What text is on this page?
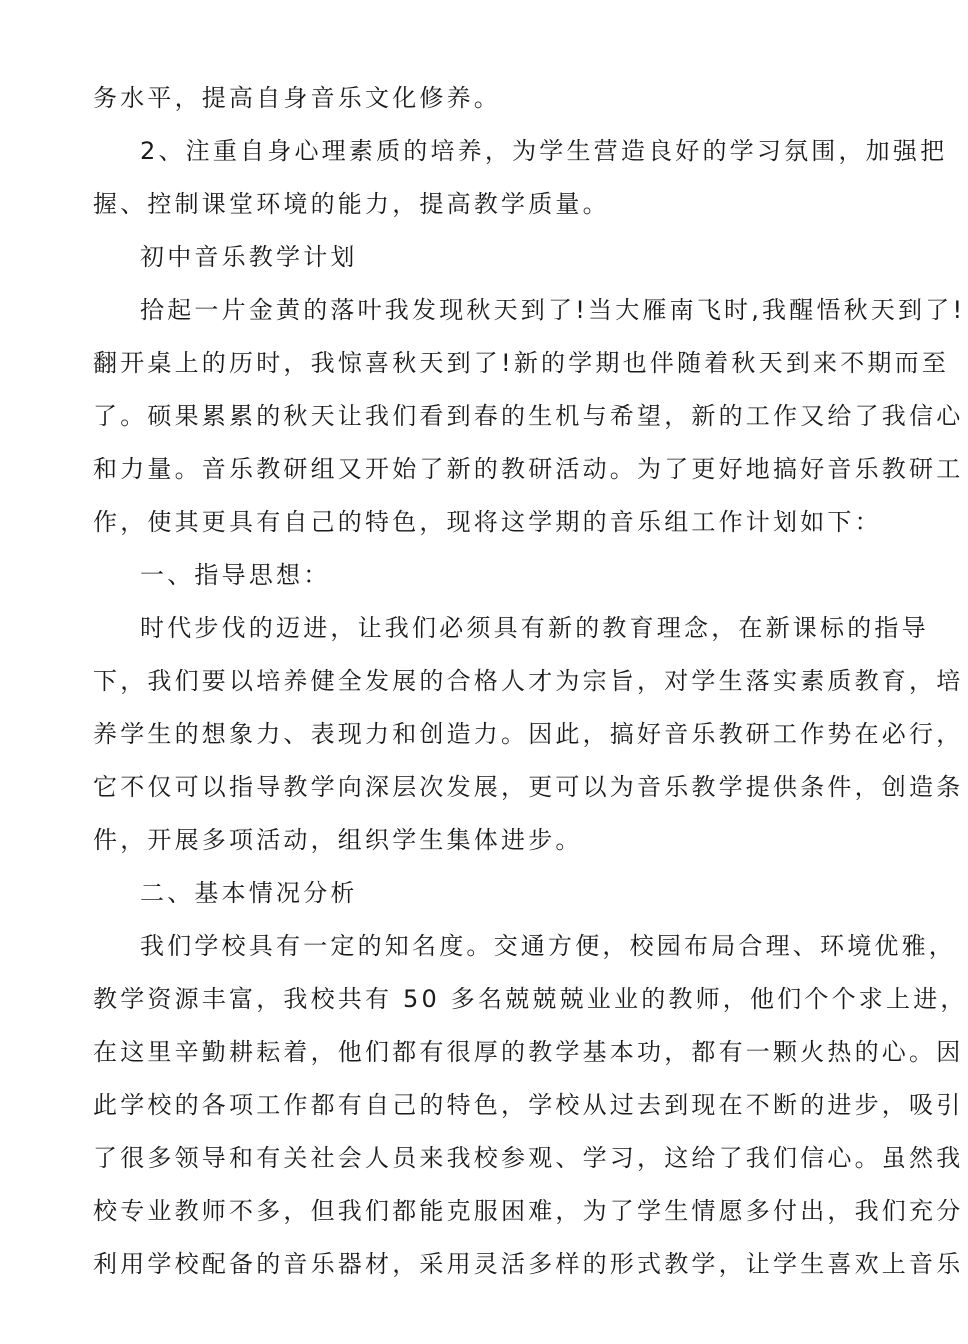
务水平，提高自身音乐文化修养。
2、注重自身心理素质的培养，为学生营造良好的学习氛围，加强把
握、控制课堂环境的能力，提高教学质量。
初中音乐教学计划
拾起一片金黄的落叶我发现秋天到了!当大雁南飞时,我醒悟秋天到了!
翻开桌上的历时，我惊喜秋天到了!新的学期也伴随着秋天到来不期而至
了。硕果累累的秋天让我们看到春的生机与希望，新的工作又给了我信心
和力量。音乐教研组又开始了新的教研活动。为了更好地搞好音乐教研工
作，使其更具有自己的特色，现将这学期的音乐组工作计划如下：
一、指导思想：
时代步伐的迈进，让我们必须具有新的教育理念，在新课标的指导
下，我们要以培养健全发展的合格人才为宗旨，对学生落实素质教育，培
养学生的想象力、表现力和创造力。因此，搞好音乐教研工作势在必行，
它不仅可以指导教学向深层次发展，更可以为音乐教学提供条件，创造条
件，开展多项活动，组织学生集体进步。
二、基本情况分析
我们学校具有一定的知名度。交通方便，校园布局合理、环境优雅，
教学资源丰富，我校共有 50 多名兢兢兢业业的教师，他们个个求上进，
在这里辛勤耕耘着，他们都有很厚的教学基本功，都有一颗火热的心。因
此学校的各项工作都有自己的特色，学校从过去到现在不断的进步，吸引
了很多领导和有关社会人员来我校参观、学习，这给了我们信心。虽然我
校专业教师不多，但我们都能克服困难，为了学生情愿多付出，我们充分
利用学校配备的音乐器材，采用灵活多样的形式教学，让学生喜欢上音乐
